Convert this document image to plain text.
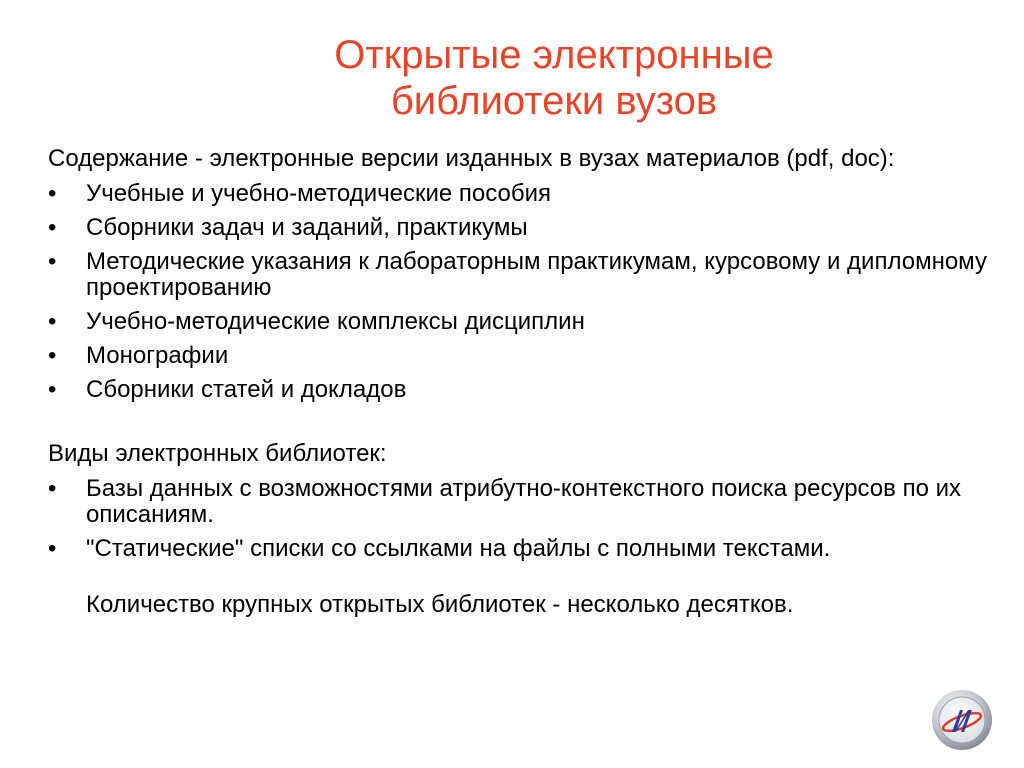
Открытые электронные
библиотеки вузов

Содержание - электронные версии изданных в вузах материалов (pdf, doc):

•	Учебные и учебно-методические пособия
•	Сборники задач и заданий, практикумы
•	Методические указания к лабораторным практикумам, курсовому и дипломному проектированию
•	Учебно-методические комплексы дисциплин
•	Монографии
•	Сборники статей и докладов

Виды электронных библиотек:

•	Базы данных с возможностями атрибутно-контекстного поиска ресурсов по их описаниям.
•	"Статические" списки со ссылками на файлы с полными текстами.

Количество крупных открытых библиотек - несколько десятков.
